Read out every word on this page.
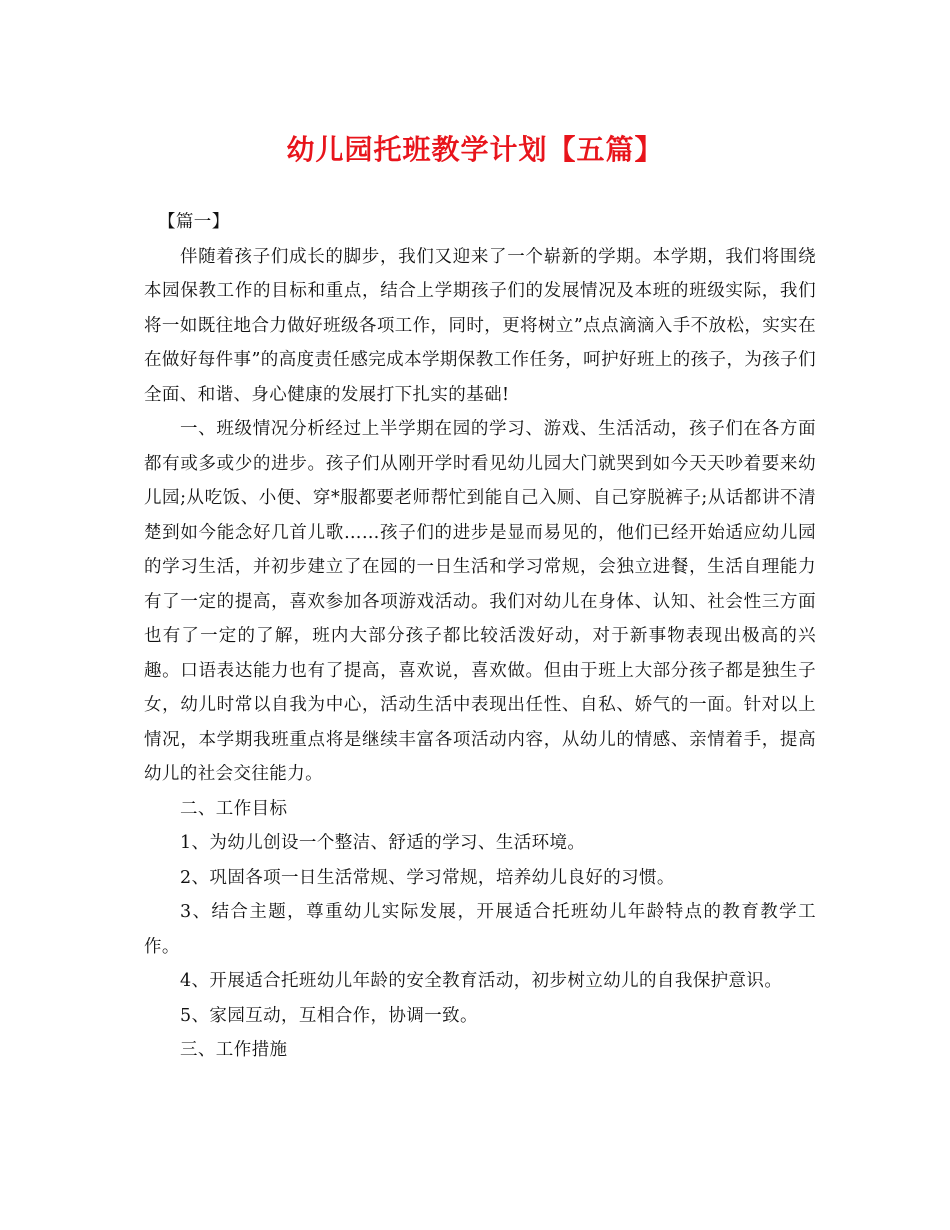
幼儿园托班教学计划【五篇】

【篇一】

伴随着孩子们成长的脚步，我们又迎来了一个崭新的学期。本学期，我们将围绕本园保教工作的目标和重点，结合上学期孩子们的发展情况及本班的班级实际，我们将一如既往地合力做好班级各项工作，同时，更将树立”点点滴滴入手不放松，实实在在做好每件事”的高度责任感完成本学期保教工作任务，呵护好班上的孩子，为孩子们全面、和谐、身心健康的发展打下扎实的基础!

一、班级情况分析经过上半学期在园的学习、游戏、生活活动，孩子们在各方面都有或多或少的进步。孩子们从刚开学时看见幼儿园大门就哭到如今天天吵着要来幼儿园;从吃饭、小便、穿*服都要老师帮忙到能自己入厕、自己穿脱裤子;从话都讲不清楚到如今能念好几首儿歌……孩子们的进步是显而易见的，他们已经开始适应幼儿园的学习生活，并初步建立了在园的一日生活和学习常规，会独立进餐，生活自理能力有了一定的提高，喜欢参加各项游戏活动。我们对幼儿在身体、认知、社会性三方面也有了一定的了解，班内大部分孩子都比较活泼好动，对于新事物表现出极高的兴趣。口语表达能力也有了提高，喜欢说，喜欢做。但由于班上大部分孩子都是独生子女，幼儿时常以自我为中心，活动生活中表现出任性、自私、娇气的一面。针对以上情况，本学期我班重点将是继续丰富各项活动内容，从幼儿的情感、亲情着手，提高幼儿的社会交往能力。

二、工作目标

1、为幼儿创设一个整洁、舒适的学习、生活环境。

2、巩固各项一日生活常规、学习常规，培养幼儿良好的习惯。

3、结合主题，尊重幼儿实际发展，开展适合托班幼儿年龄特点的教育教学工作。

4、开展适合托班幼儿年龄的安全教育活动，初步树立幼儿的自我保护意识。

5、家园互动，互相合作，协调一致。

三、工作措施
